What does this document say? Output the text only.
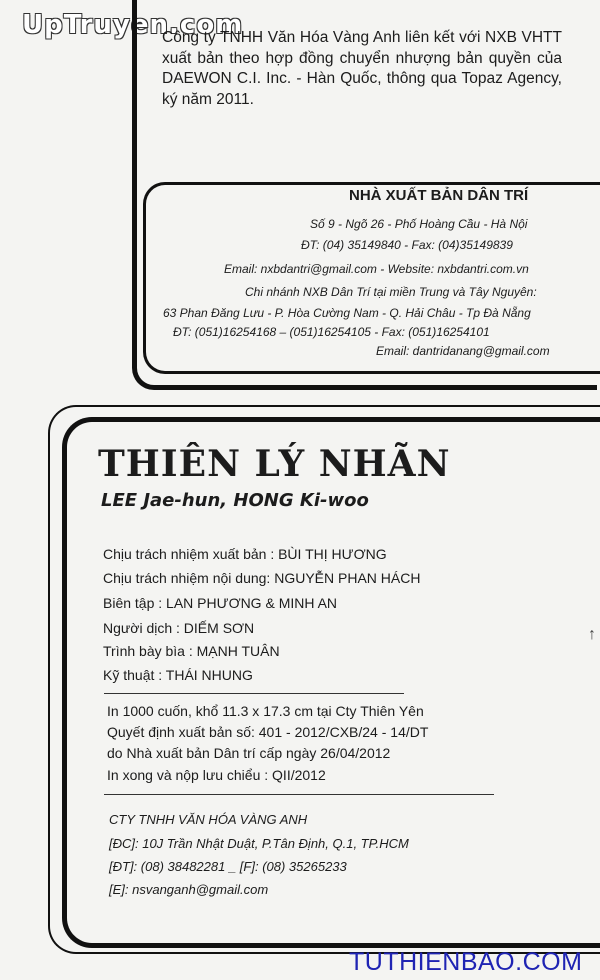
UpTruyen.com
Công ty TNHH Văn Hóa Vàng Anh liên kết với NXB VHTT xuất bản theo hợp đồng chuyển nhượng bản quyền của DAEWON C.I. Inc. - Hàn Quốc, thông qua Topaz Agency, ký năm 2011.
NHÀ XUẤT BẢN DÂN TRÍ
Số 9 - Ngõ 26 - Phố Hoàng Cầu - Hà Nội
ĐT: (04) 35149840 - Fax: (04)35149839
Email: nxbdantri@gmail.com - Website: nxbdantri.com.vn
Chi nhánh NXB Dân Trí tại miền Trung và Tây Nguyên:
63 Phan Đăng Lưu - P. Hòa Cường Nam - Q. Hải Châu - Tp Đà Nẵng
ĐT: (051)16254168 – (051)16254105 - Fax: (051)16254101
Email: dantridanang@gmail.com
THIÊN LÝ NHÃN
LEE Jae-hun, HONG Ki-woo
Chịu trách nhiệm xuất bản : BÙI THỊ HƯƠNG
Chịu trách nhiệm nội dung: NGUYỄN PHAN HÁCH
Biên tập : LAN PHƯƠNG & MINH AN
Người dịch : DIẾM SƠN
Trình bày bìa : MẠNH TUÂN
Kỹ thuật : THÁI NHUNG
In 1000 cuốn, khổ 11.3 x 17.3 cm tại Cty Thiên Yên
Quyết định xuất bản số: 401 - 2012/CXB/24 - 14/DT
do Nhà xuất bản Dân trí cấp ngày 26/04/2012
In xong và nộp lưu chiểu : QII/2012
CTY TNHH VĂN HÓA VÀNG ANH
[ĐC]: 10J Trần Nhật Duật, P.Tân Định, Q.1, TP.HCM
[ĐT]: (08) 38482281 _ [F]: (08) 35265233
[E]: nsvanganh@gmail.com
↑
TUTHIENBAO.COM
